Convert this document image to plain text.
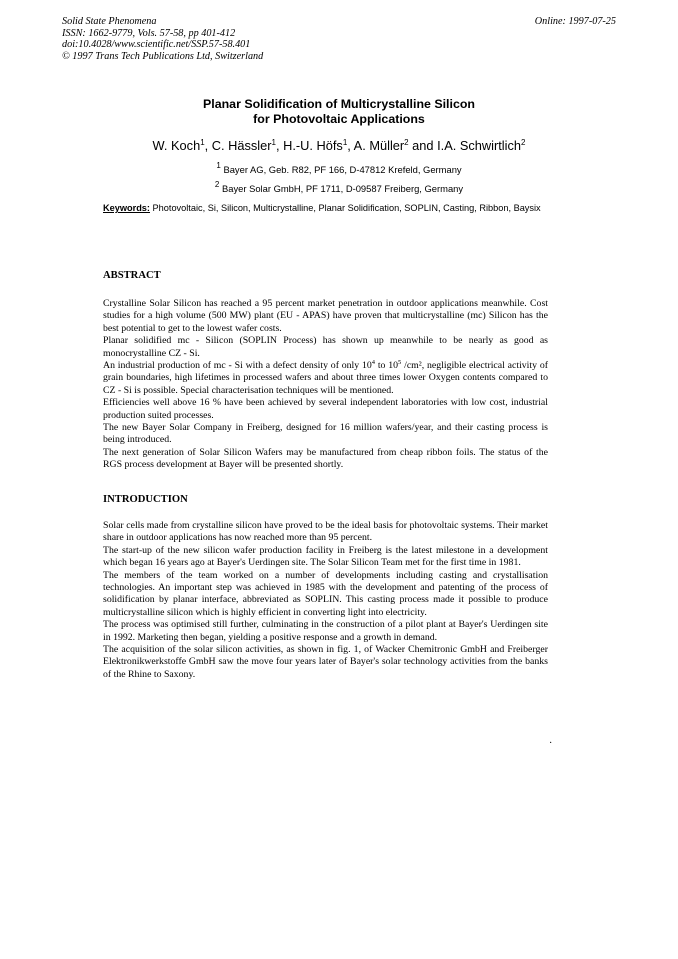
Solid State Phenomena
ISSN: 1662-9779, Vols. 57-58, pp 401-412
doi:10.4028/www.scientific.net/SSP.57-58.401
© 1997 Trans Tech Publications Ltd, Switzerland
Online: 1997-07-25
Planar Solidification of Multicrystalline Silicon
for Photovoltaic Applications
W. Koch$^1$, C. Hässler$^1$, H.-U. Höfs$^1$, A. Müller$^2$ and I.A. Schwirtlich$^2$
$^1$ Bayer AG, Geb. R82, PF 166, D-47812 Krefeld, Germany
$^2$ Bayer Solar GmbH, PF 1711, D-09587 Freiberg, Germany
Keywords: Photovoltaic, Si, Silicon, Multicrystalline, Planar Solidification, SOPLIN, Casting, Ribbon, Baysix
ABSTRACT

Crystalline Solar Silicon has reached a 95 percent market penetration in outdoor applications meanwhile. Cost studies for a high volume (500 MW) plant (EU - APAS) have proven that multicrystalline (mc) Silicon has the best potential to get to the lowest wafer costs.

Planar solidified mc - Silicon (SOPLIN Process) has shown up meanwhile to be nearly as good as monocrystalline CZ - Si.

An industrial production of mc - Si with a defect density of only $10^4$ to $10^5$ /cm², negligible electrical activity of grain boundaries, high lifetimes in processed wafers and about three times lower Oxygen contents compared to CZ - Si is possible. Special characterisation techniques will be mentioned.

Efficiencies well above 16 % have been achieved by several independent laboratories with low cost, industrial production suited processes.

The new Bayer Solar Company in Freiberg, designed for 16 million wafers/year, and their casting process is being introduced.

The next generation of Solar Silicon Wafers may be manufactured from cheap ribbon foils. The status of the RGS process development at Bayer will be presented shortly.

INTRODUCTION

Solar cells made from crystalline silicon have proved to be the ideal basis for photovoltaic systems. Their market share in outdoor applications has now reached more than 95 percent.

The start-up of the new silicon wafer production facility in Freiberg is the latest milestone in a development which began 16 years ago at Bayer's Uerdingen site. The Solar Silicon Team met for the first time in 1981.

The members of the team worked on a number of developments including casting and crystallisation technologies. An important step was achieved in 1985 with the development and patenting of the process of solidification by planar interface, abbreviated as SOPLIN. This casting process made it possible to produce multicrystalline silicon which is highly efficient in converting light into electricity.

The process was optimised still further, culminating in the construction of a pilot plant at Bayer's Uerdingen site in 1992. Marketing then began, yielding a positive response and a growth in demand.

The acquisition of the solar silicon activities, as shown in fig. 1, of Wacker Chemitronic GmbH and Freiberger Elektronikwerkstoffe GmbH saw the move four years later of Bayer's solar technology activities from the banks of the Rhine to Saxony.

·
